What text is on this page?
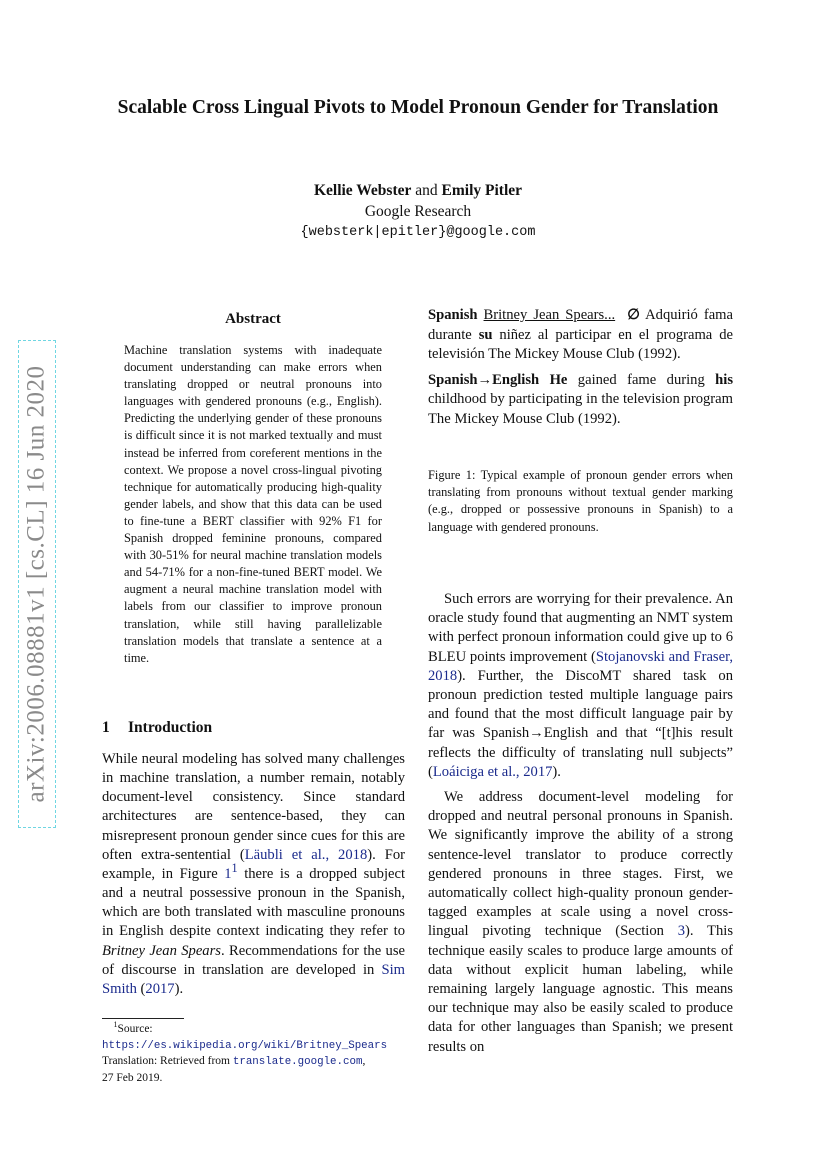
arXiv:2006.08881v1 [cs.CL] 16 Jun 2020
Scalable Cross Lingual Pivots to Model Pronoun Gender for Translation
Kellie Webster and Emily Pitler
Google Research
{websterk|epitler}@google.com
Abstract
Machine translation systems with inadequate document understanding can make errors when translating dropped or neutral pronouns into languages with gendered pronouns (e.g., English). Predicting the underlying gender of these pronouns is difficult since it is not marked textually and must instead be inferred from coreferent mentions in the context. We propose a novel cross-lingual pivoting technique for automatically producing high-quality gender labels, and show that this data can be used to fine-tune a BERT classifier with 92% F1 for Spanish dropped feminine pronouns, compared with 30-51% for neural machine translation models and 54-71% for a non-fine-tuned BERT model. We augment a neural machine translation model with labels from our classifier to improve pronoun translation, while still having parallelizable translation models that translate a sentence at a time.
1 Introduction

While neural modeling has solved many challenges in machine translation, a number remain, notably document-level consistency. Since standard architectures are sentence-based, they can misrepresent pronoun gender since cues for this are often extra-sentential (Läubli et al., 2018). For example, in Figure $1^1$ there is a dropped subject and a neutral possessive pronoun in the Spanish, which are both translated with masculine pronouns in English despite context indicating they refer to Britney Jean Spears. Recommendations for the use of discourse in translation are developed in Sim Smith (2017).

$^1$Source: https://es.wikipedia.org/wiki/Britney_Spears
Translation: Retrieved from translate.google.com,
27 Feb 2019.

Spanish Britney Jean Spears... ∅ Adquirió fama durante su niñez al participar en el programa de televisión The Mickey Mouse Club (1992).

Spanish→English He gained fame during his childhood by participating in the television program The Mickey Mouse Club (1992).

Figure 1: Typical example of pronoun gender errors when translating from pronouns without textual gender marking (e.g., dropped or possessive pronouns in Spanish) to a language with gendered pronouns.

Such errors are worrying for their prevalence. An oracle study found that augmenting an NMT system with perfect pronoun information could give up to 6 BLEU points improvement (Stojanovski and Fraser, 2018). Further, the DiscoMT shared task on pronoun prediction tested multiple language pairs and found that the most difficult language pair by far was Spanish→English and that “[t]his result reflects the difficulty of translating null subjects” (Loáiciga et al., 2017).

We address document-level modeling for dropped and neutral personal pronouns in Spanish. We significantly improve the ability of a strong sentence-level translator to produce correctly gendered pronouns in three stages. First, we automatically collect high-quality pronoun gender-tagged examples at scale using a novel cross-lingual pivoting technique (Section 3). This technique easily scales to produce large amounts of data without explicit human labeling, while remaining largely language agnostic. This means our technique may also be easily scaled to produce data for other languages than Spanish; we present results on
